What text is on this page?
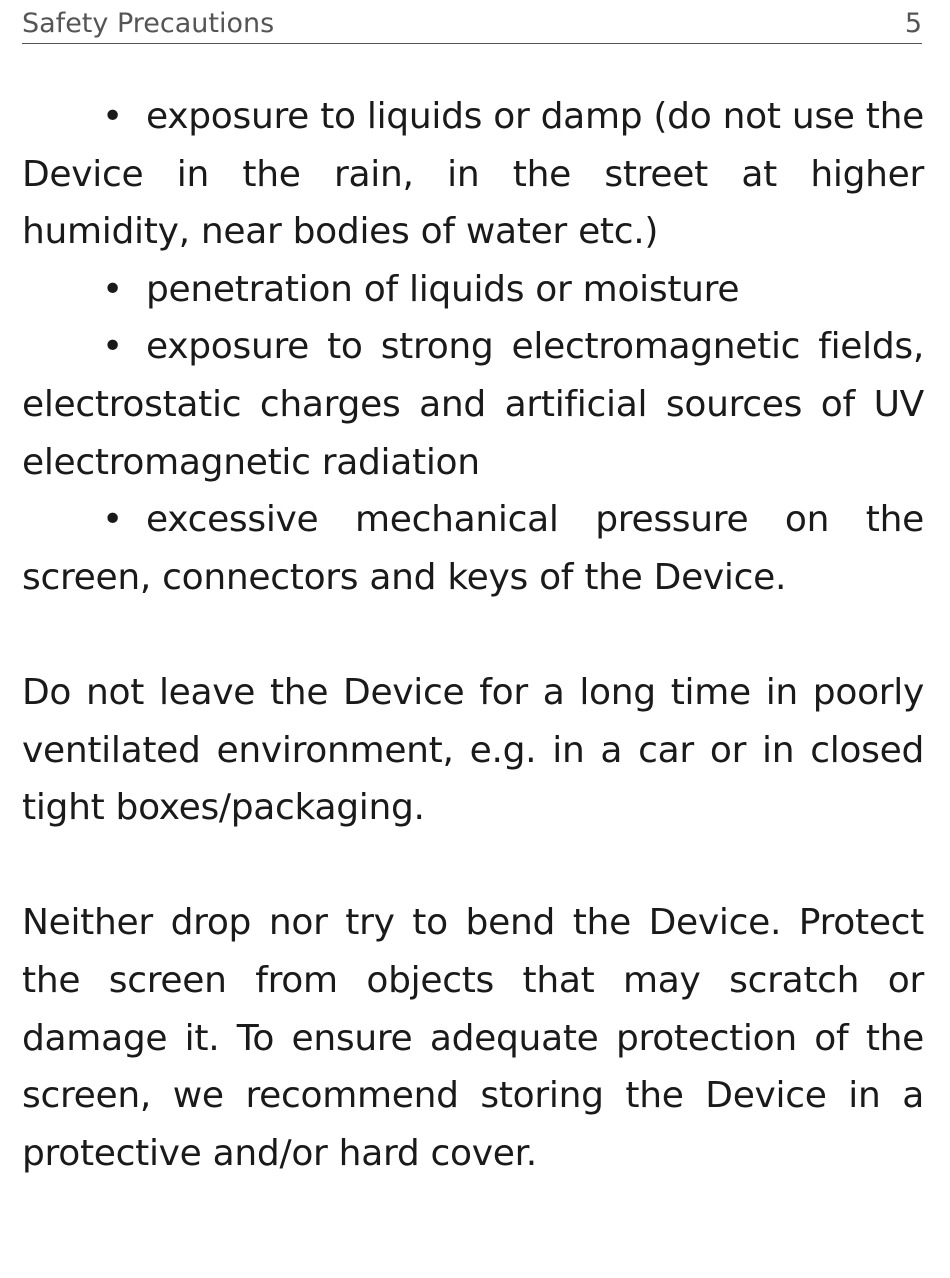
Safety Precautions	5

• exposure to liquids or damp (do not use the Device in the rain, in the street at higher humidity, near bodies of water etc.)

• penetration of liquids or moisture

• exposure to strong electromagnetic fields, electrostatic charges and artificial sources of UV electromagnetic radiation

• excessive mechanical pressure on the screen, connectors and keys of the Device.

Do not leave the Device for a long time in poorly ventilated environment, e.g. in a car or in closed tight boxes/packaging.

Neither drop nor try to bend the Device. Protect the screen from objects that may scratch or damage it. To ensure adequate protection of the screen, we recommend storing the Device in a protective and/or hard cover.
